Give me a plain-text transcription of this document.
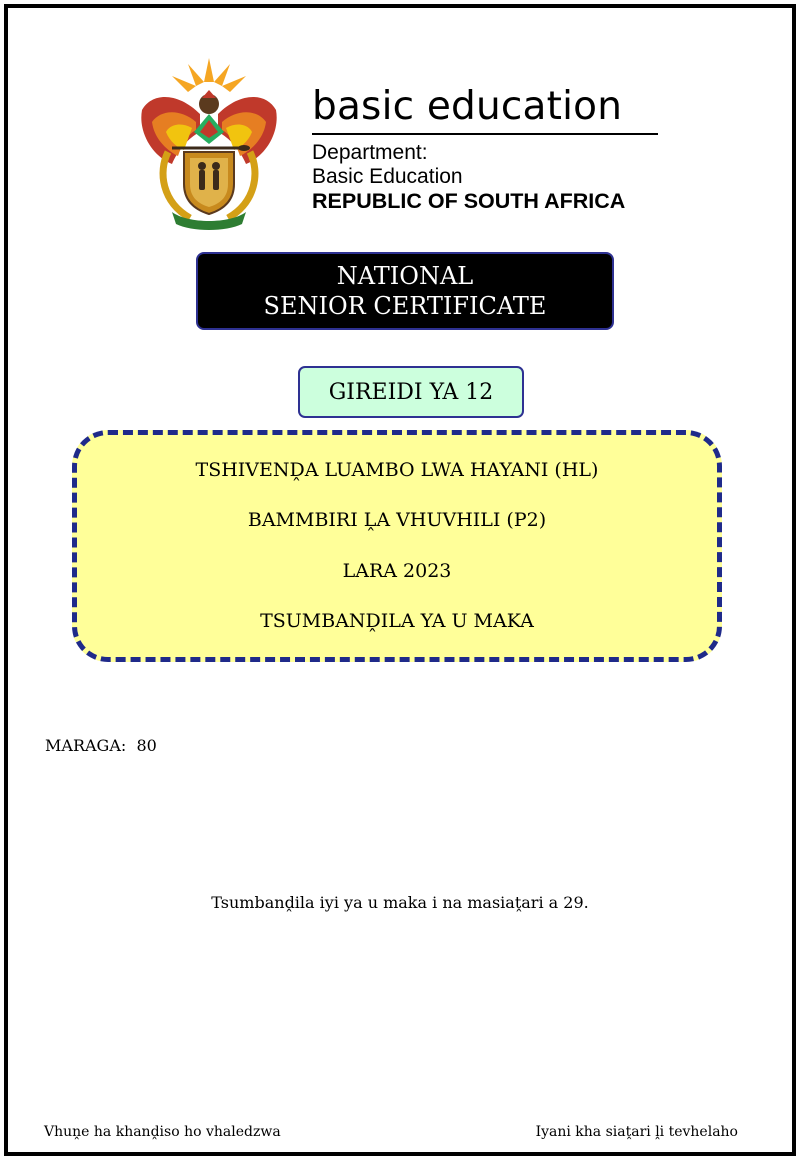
basic education
Department:
Basic Education
REPUBLIC OF SOUTH AFRICA
NATIONAL
SENIOR CERTIFICATE
GIREIDI YA 12
TSHIVENḒA LUAMBO LWA HAYANI (HL)
BAMMBIRI ḼA VHUVHILI (P2)
LARA 2023
TSUMBANḒILA YA U MAKA
MARAGA:  80
Tsumbanḓila iyi ya u maka i na masiaṱari a 29.
Vhuṋe ha khanḓiso ho vhaledzwa	Iyani kha siaṱari ḽi tevhelaho
